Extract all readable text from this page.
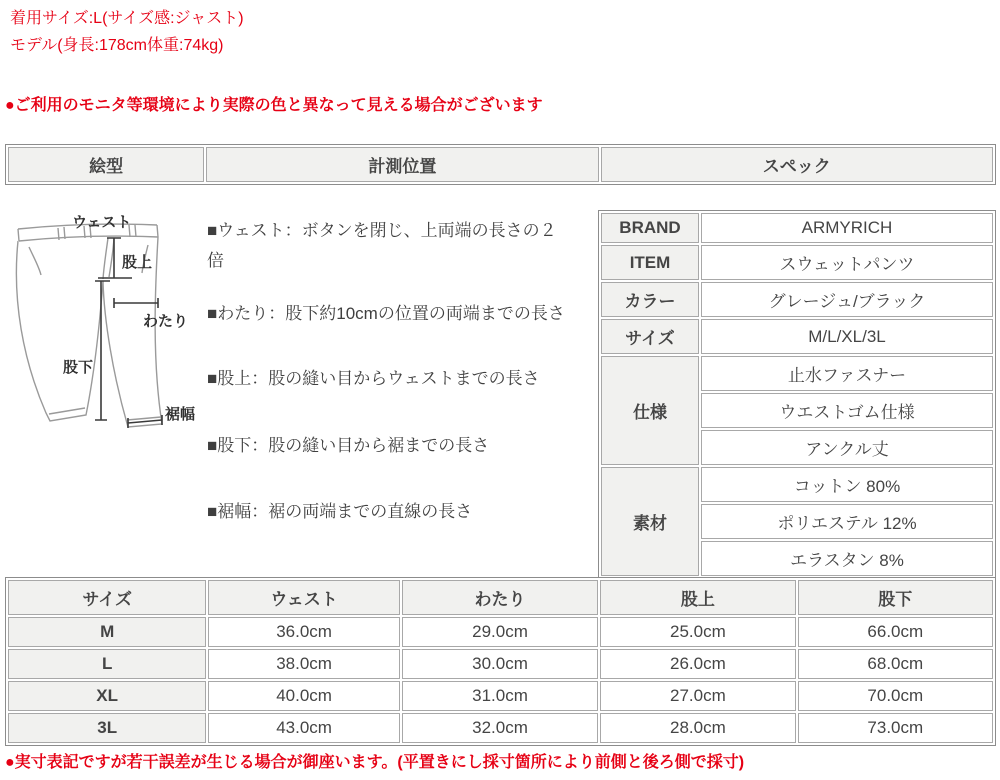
着用サイズ:L(サイズ感:ジャスト)
モデル(身長:178cm体重:74kg)
●ご利用のモニタ等環境により実際の色と異なって見える場合がございます
絵型	計測位置	スペック
ウェスト
股上
わたり
股下
裾幅
■ウェスト：ボタンを閉じ、上両端の長さの２倍
■わたり：股下約10cmの位置の両端までの長さ
■股上：股の縫い目からウェストまでの長さ
■股下：股の縫い目から裾までの長さ
■裾幅：裾の両端までの直線の長さ
BRAND	ARMYRICH
ITEM	スウェットパンツ
カラー	グレージュ/ブラック
サイズ	M/L/XL/3L
仕様	止水ファスナー
	ウエストゴム仕様
	アンクル丈
素材	コットン 80%
	ポリエステル 12%
	エラスタン 8%
サイズ	ウェスト	わたり	股上	股下
M	36.0cm	29.0cm	25.0cm	66.0cm
L	38.0cm	30.0cm	26.0cm	68.0cm
XL	40.0cm	31.0cm	27.0cm	70.0cm
3L	43.0cm	32.0cm	28.0cm	73.0cm
●実寸表記ですが若干誤差が生じる場合が御座います。(平置きにし採寸箇所により前側と後ろ側で採寸)
